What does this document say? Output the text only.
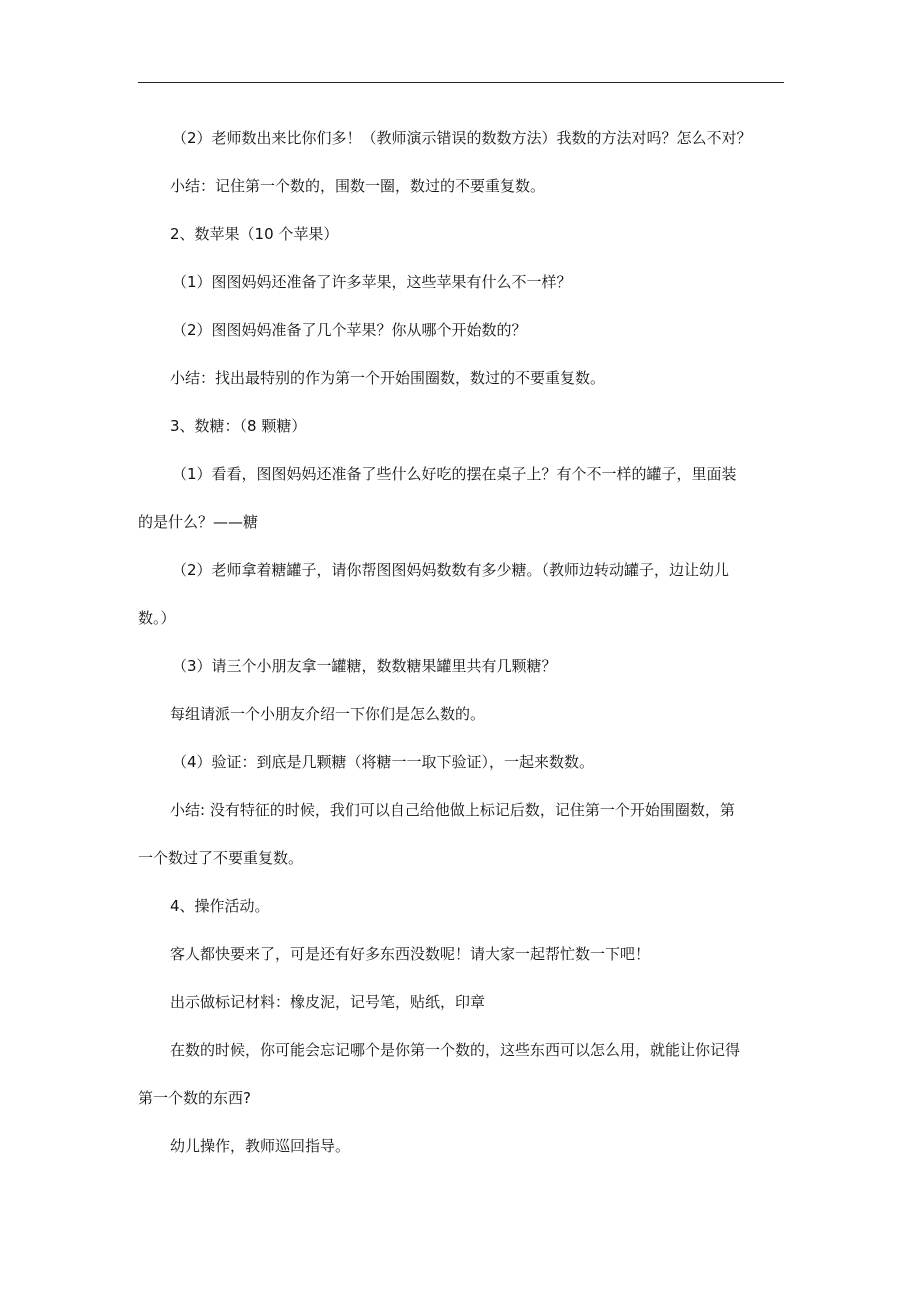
（2）老师数出来比你们多！（教师演示错误的数数方法）我数的方法对吗？怎么不对？
小结：记住第一个数的，围数一圈，数过的不要重复数。
2、数苹果（10 个苹果）
（1）图图妈妈还准备了许多苹果，这些苹果有什么不一样？
（2）图图妈妈准备了几个苹果？你从哪个开始数的？
小结：找出最特别的作为第一个开始围圈数，数过的不要重复数。
3、数糖：（8 颗糖）
（1）看看，图图妈妈还准备了些什么好吃的摆在桌子上？有个不一样的罐子，里面装
的是什么？——糖
（2）老师拿着糖罐子，请你帮图图妈妈数数有多少糖。（教师边转动罐子，边让幼儿
数。）
（3）请三个小朋友拿一罐糖，数数糖果罐里共有几颗糖？
每组请派一个小朋友介绍一下你们是怎么数的。
（4）验证：到底是几颗糖（将糖一一取下验证），一起来数数。
小结: 没有特征的时候，我们可以自己给他做上标记后数，记住第一个开始围圈数，第
一个数过了不要重复数。
4、操作活动。
客人都快要来了，可是还有好多东西没数呢！请大家一起帮忙数一下吧！
出示做标记材料：橡皮泥，记号笔，贴纸，印章
在数的时候，你可能会忘记哪个是你第一个数的，这些东西可以怎么用，就能让你记得
第一个数的东西?
幼儿操作，教师巡回指导。
